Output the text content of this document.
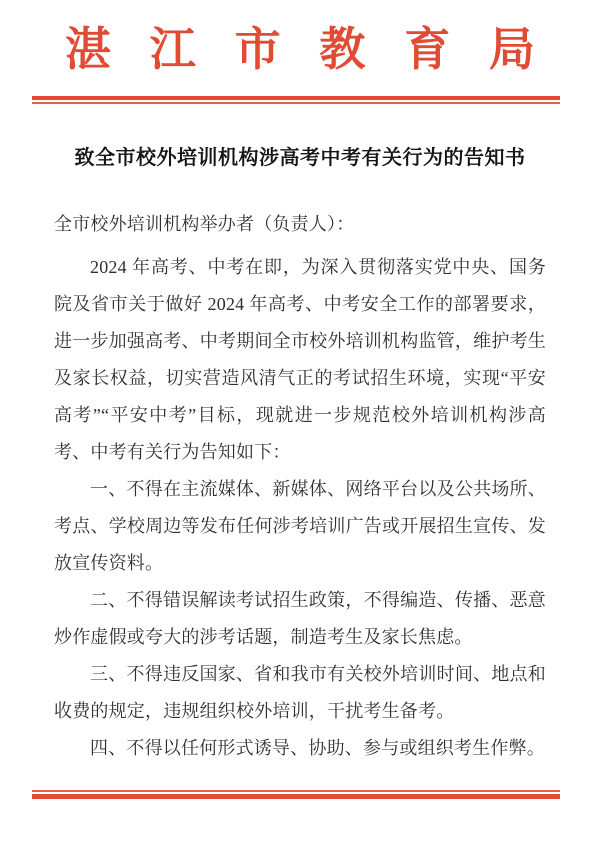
湛 江 市 教 育 局
致全市校外培训机构涉高考中考有关行为的告知书

全市校外培训机构举办者（负责人）：

2024 年高考、中考在即，为深入贯彻落实党中央、国务院及省市关于做好 2024 年高考、中考安全工作的部署要求，进一步加强高考、中考期间全市校外培训机构监管，维护考生及家长权益，切实营造风清气正的考试招生环境，实现“平安高考”“平安中考”目标，现就进一步规范校外培训机构涉高考、中考有关行为告知如下：

一、不得在主流媒体、新媒体、网络平台以及公共场所、考点、学校周边等发布任何涉考培训广告或开展招生宣传、发放宣传资料。

二、不得错误解读考试招生政策，不得编造、传播、恶意炒作虚假或夸大的涉考话题，制造考生及家长焦虑。

三、不得违反国家、省和我市有关校外培训时间、地点和收费的规定，违规组织校外培训，干扰考生备考。

四、不得以任何形式诱导、协助、参与或组织考生作弊。
